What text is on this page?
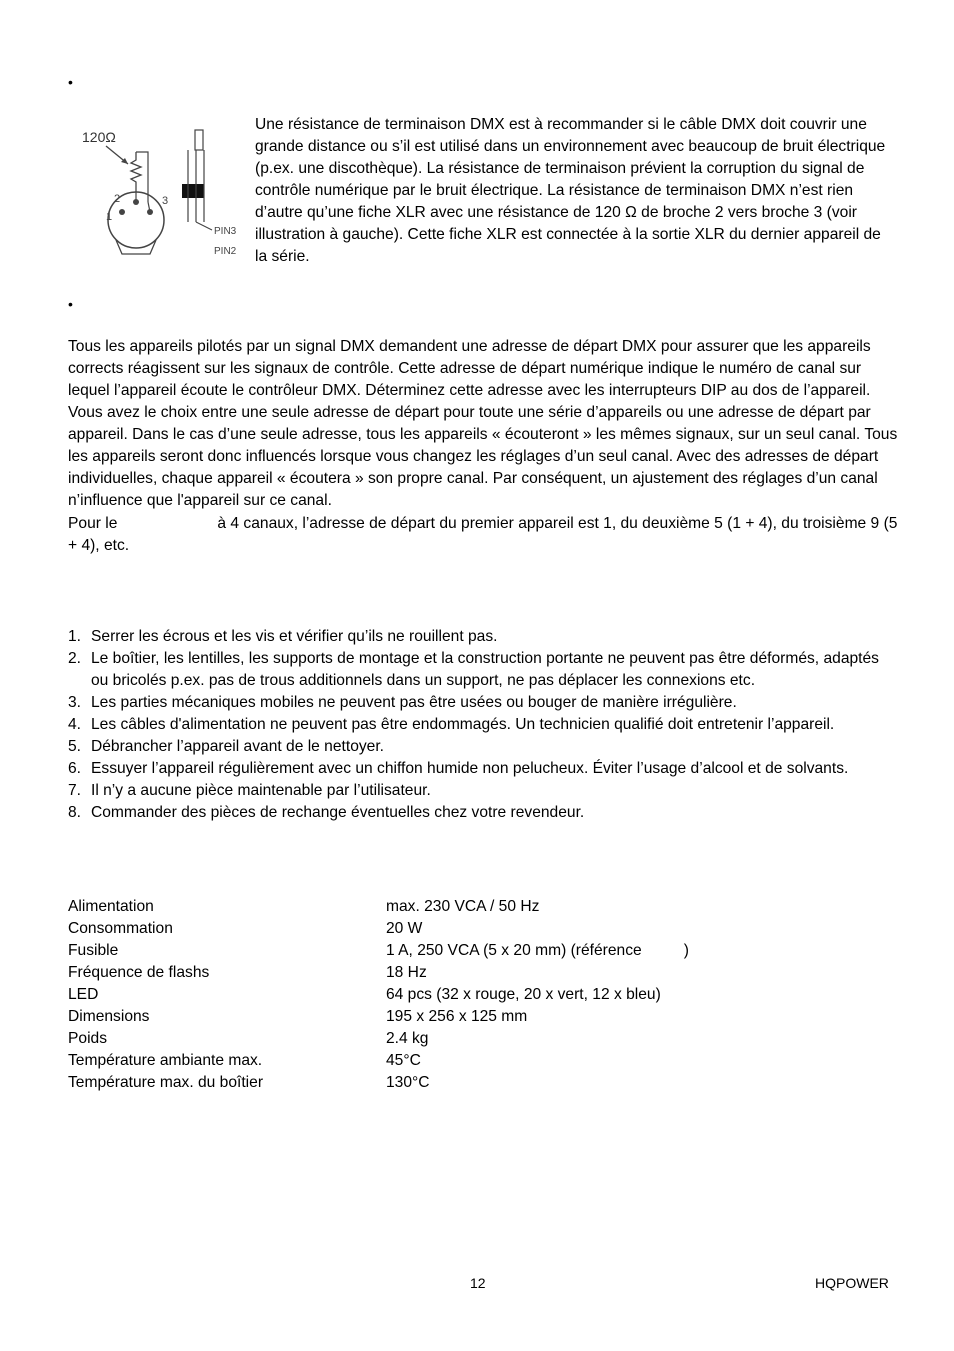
•
•
120Ω
1
2	3
PIN3
PIN2
Une résistance de terminaison DMX est à recommander si le câble DMX doit couvrir une grande distance ou s’il est utilisé dans un environnement avec beaucoup de bruit électrique (p.ex. une discothèque). La résistance de terminaison prévient la corruption du signal de contrôle numérique par le bruit électrique. La résistance de terminaison DMX n’est rien d’autre qu’une fiche XLR avec une résistance de 120 Ω de broche 2 vers broche 3 (voir illustration à gauche). Cette fiche XLR est connectée à la sortie XLR du dernier appareil de la série.
Tous les appareils pilotés par un signal DMX demandent une adresse de départ DMX pour assurer que les appareils corrects réagissent sur les signaux de contrôle. Cette adresse de départ numérique indique le numéro de canal sur lequel l’appareil écoute le contrôleur DMX. Déterminez cette adresse avec les interrupteurs DIP au dos de l’appareil. Vous avez le choix entre une seule adresse de départ pour toute une série d’appareils ou une adresse de départ par appareil. Dans le cas d’une seule adresse, tous les appareils « écouteront » les mêmes signaux, sur un seul canal. Tous les appareils seront donc influencés lorsque vous changez les réglages d’un seul canal. Avec des adresses de départ individuelles, chaque appareil « écoutera » son propre canal. Par conséquent, un ajustement des réglages d’un canal n’influence que l'appareil sur ce canal.
Pour le	à 4 canaux, l’adresse de départ du premier appareil est 1, du deuxième 5 (1 + 4), du troisième 9 (5 + 4), etc.
1. Serrer les écrous et les vis et vérifier qu’ils ne rouillent pas.
2. Le boîtier, les lentilles, les supports de montage et la construction portante ne peuvent pas être déformés, adaptés ou bricolés p.ex. pas de trous additionnels dans un support, ne pas déplacer les connexions etc.
3. Les parties mécaniques mobiles ne peuvent pas être usées ou bouger de manière irrégulière.
4. Les câbles d'alimentation ne peuvent pas être endommagés. Un technicien qualifié doit entretenir l’appareil.
5. Débrancher l’appareil avant de le nettoyer.
6. Essuyer l’appareil régulièrement avec un chiffon humide non pelucheux. Éviter l’usage d’alcool et de solvants.
7. Il n’y a aucune pièce maintenable par l’utilisateur.
8. Commander des pièces de rechange éventuelles chez votre revendeur.
Alimentation	max. 230 VCA / 50 Hz
Consommation	20 W
Fusible	1 A, 250 VCA (5 x 20 mm) (référence )
Fréquence de flashs	18 Hz
LED	64 pcs (32 x rouge, 20 x vert, 12 x bleu)
Dimensions	195 x 256 x 125 mm
Poids	2.4 kg
Température ambiante max.	45°C
Température max. du boîtier	130°C
12	HQPOWER
